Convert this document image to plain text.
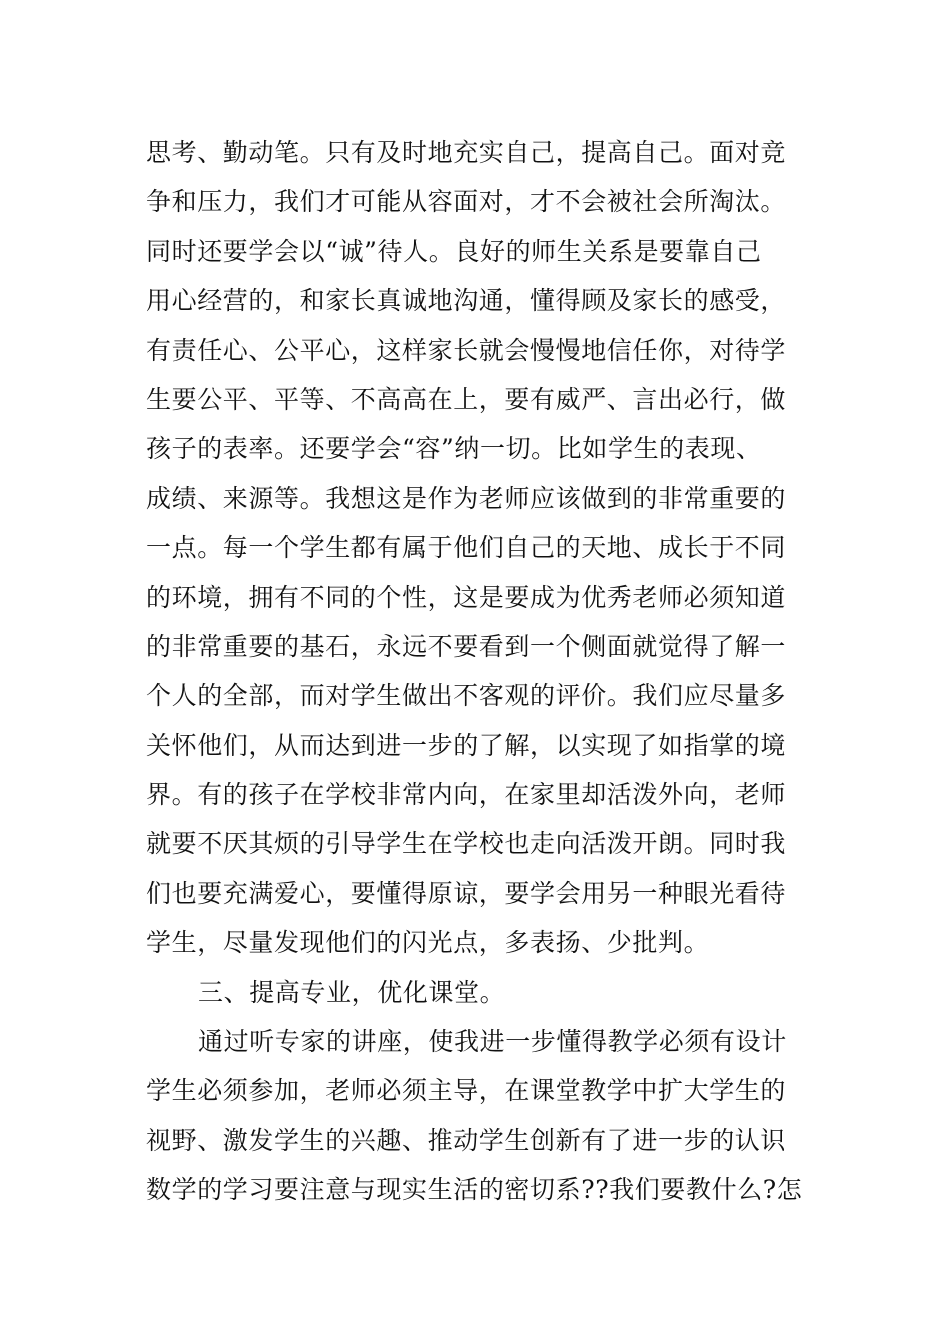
思考、勤动笔。只有及时地充实自己，提高自己。面对竞
争和压力，我们才可能从容面对，才不会被社会所淘汰。
同时还要学会以“诚”待人。良好的师生关系是要靠自己
用心经营的，和家长真诚地沟通，懂得顾及家长的感受，
有责任心、公平心，这样家长就会慢慢地信任你，对待学
生要公平、平等、不高高在上，要有威严、言出必行，做
孩子的表率。还要学会“容”纳一切。比如学生的表现、
成绩、来源等。我想这是作为老师应该做到的非常重要的
一点。每一个学生都有属于他们自己的天地、成长于不同
的环境，拥有不同的个性，这是要成为优秀老师必须知道
的非常重要的基石，永远不要看到一个侧面就觉得了解一
个人的全部，而对学生做出不客观的评价。我们应尽量多
关怀他们，从而达到进一步的了解，以实现了如指掌的境
界。有的孩子在学校非常内向，在家里却活泼外向，老师
就要不厌其烦的引导学生在学校也走向活泼开朗。同时我
们也要充满爱心，要懂得原谅，要学会用另一种眼光看待
学生，尽量发现他们的闪光点，多表扬、少批判。
三、提高专业，优化课堂。
通过听专家的讲座，使我进一步懂得教学必须有设计
学生必须参加，老师必须主导，在课堂教学中扩大学生的
视野、激发学生的兴趣、推动学生创新有了进一步的认识
数学的学习要注意与现实生活的密切系??我们要教什么?怎
